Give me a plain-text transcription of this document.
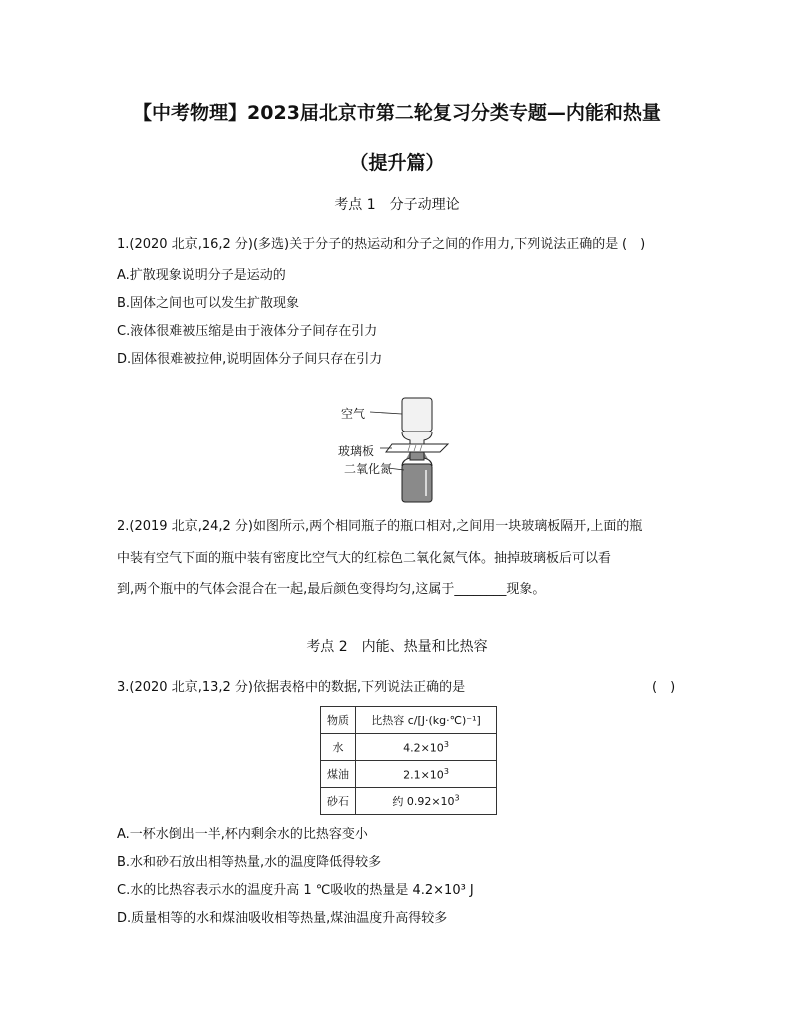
【中考物理】2023届北京市第二轮复习分类专题—内能和热量
（提升篇）
考点 1　分子动理论
1.(2020 北京,16,2 分)(多选)关于分子的热运动和分子之间的作用力,下列说法正确的是 (　)
A.扩散现象说明分子是运动的
B.固体之间也可以发生扩散现象
C.液体很难被压缩是由于液体分子间存在引力
D.固体很难被拉伸,说明固体分子间只存在引力
空气
玻璃板
二氧化氮
2.(2019 北京,24,2 分)如图所示,两个相同瓶子的瓶口相对,之间用一块玻璃板隔开,上面的瓶
中装有空气下面的瓶中装有密度比空气大的红棕色二氧化氮气体。抽掉玻璃板后可以看
到,两个瓶中的气体会混合在一起,最后颜色变得均匀,这属于________现象。
考点 2　内能、热量和比热容
3.(2020 北京,13,2 分)依据表格中的数据,下列说法正确的是	(　)
物质	比热容 c/[J·(kg·℃)⁻¹]
水	$4.2\times 10^3$
煤油	$2.1\times 10^3$
砂石	约 $0.92\times 10^3$
A.一杯水倒出一半,杯内剩余水的比热容变小
B.水和砂石放出相等热量,水的温度降低得较多
C.水的比热容表示水的温度升高 1 ℃吸收的热量是 4.2×10³ J
D.质量相等的水和煤油吸收相等热量,煤油温度升高得较多
